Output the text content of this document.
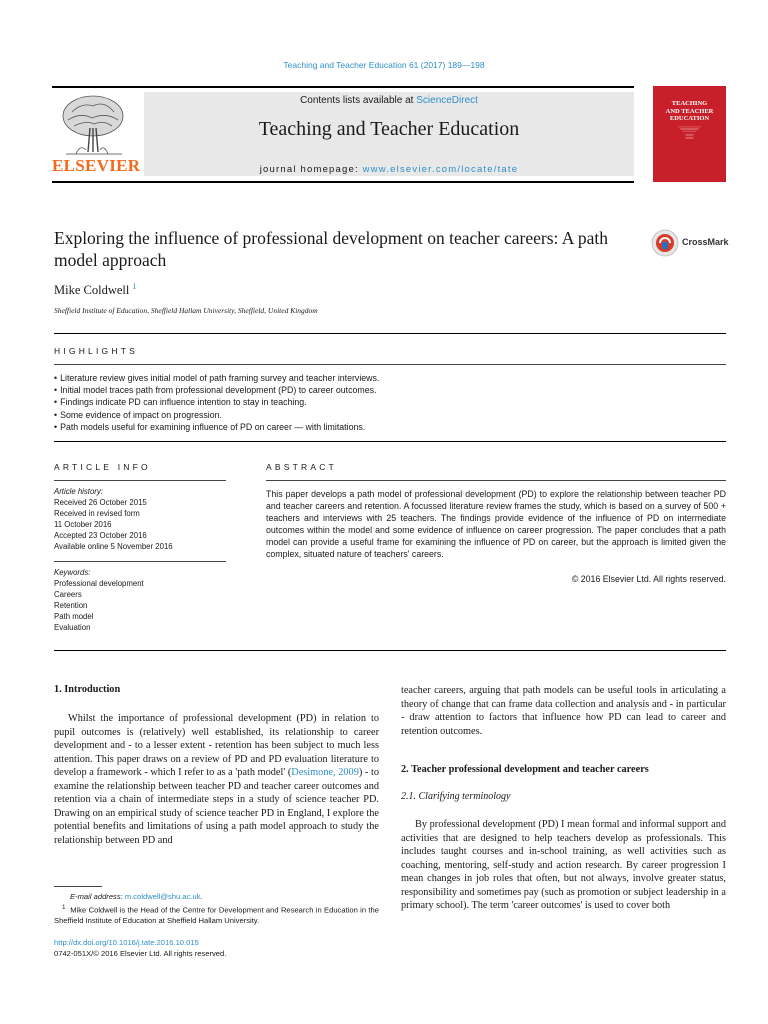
Teaching and Teacher Education 61 (2017) 189—198
ELSEVIER
Contents lists available at ScienceDirect
Teaching and Teacher Education
journal homepage: www.elsevier.com/locate/tate
TEACHING
AND TEACHER
EDUCATION
Exploring the influence of professional development on teacher careers: A path model approach
CrossMark
Mike Coldwell $^1$
Sheffield Institute of Education, Sheffield Hallam University, Sheffield, United Kingdom
HIGHLIGHTS
• Literature review gives initial model of path framing survey and teacher interviews.
• Initial model traces path from professional development (PD) to career outcomes.
• Findings indicate PD can influence intention to stay in teaching.
• Some evidence of impact on progression.
• Path models useful for examining influence of PD on career — with limitations.
ARTICLE INFO
Article history:
Received 26 October 2015
Received in revised form
11 October 2016
Accepted 23 October 2016
Available online 5 November 2016
Keywords:
Professional development
Careers
Retention
Path model
Evaluation
ABSTRACT
This paper develops a path model of professional development (PD) to explore the relationship between teacher PD and teacher careers and retention. A focussed literature review frames the study, which is based on a survey of 500 + teachers and interviews with 25 teachers. The findings provide evidence of the influence of PD on intermediate outcomes within the model and some evidence of influence on career progression. The paper concludes that a path model can provide a useful frame for examining the influence of PD on career, but the approach is limited given the complex, situated nature of teachers' careers.
© 2016 Elsevier Ltd. All rights reserved.
1. Introduction
Whilst the importance of professional development (PD) in relation to pupil outcomes is (relatively) well established, its relationship to career development and - to a lesser extent - retention has been subject to much less attention. This paper draws on a review of PD and PD evaluation literature to develop a framework - which I refer to as a 'path model' (Desimone, 2009) - to examine the relationship between teacher PD and teacher career outcomes and retention via a chain of intermediate steps in a study of science teacher PD. Drawing on an empirical study of science teacher PD in England, I explore the potential benefits and limitations of using a path model approach to study the relationship between PD and
teacher careers, arguing that path models can be useful tools in articulating a theory of change that can frame data collection and analysis and - in particular - draw attention to factors that influence how PD can lead to career and retention outcomes.
2. Teacher professional development and teacher careers
2.1. Clarifying terminology
By professional development (PD) I mean formal and informal support and activities that are designed to help teachers develop as professionals. This includes taught courses and in-school training, as well activities such as coaching, mentoring, self-study and action research. By career progression I mean changes in job roles that often, but not always, involve greater status, responsibility and sometimes pay (such as promotion or subject leadership in a primary school). The term 'career outcomes' is used to cover both
E-mail address: m.coldwell@shu.ac.uk.
$^1$ Mike Coldwell is the Head of the Centre for Development and Research in Education in the Sheffield Institute of Education at Sheffield Hallam University.
http://dx.doi.org/10.1016/j.tate.2016.10.015
0742-051X/© 2016 Elsevier Ltd. All rights reserved.
